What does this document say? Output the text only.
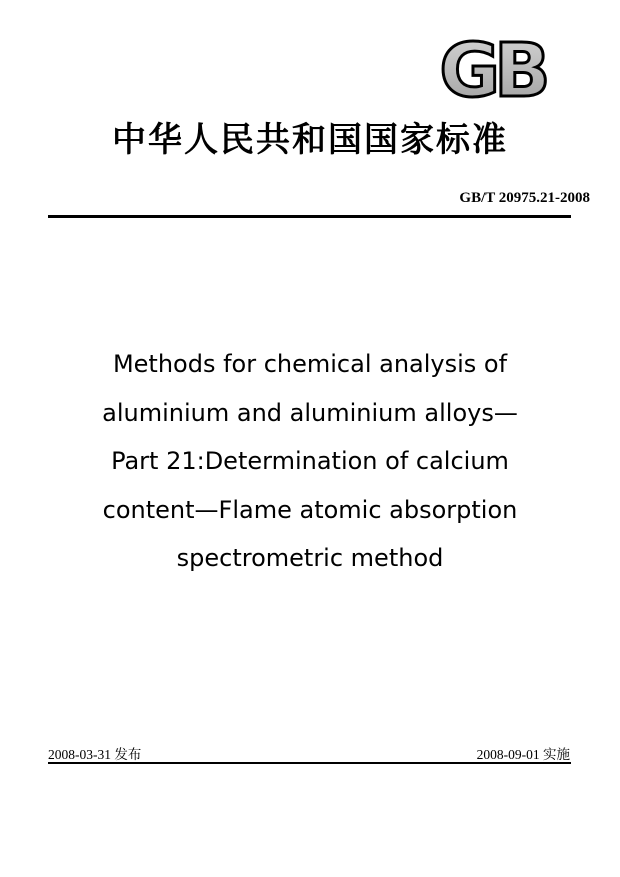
GB
中华人民共和国国家标准
GB/T 20975.21-2008
Methods for chemical analysis of
aluminium and aluminium alloys—
Part 21:Determination of calcium
content—Flame atomic absorption
spectrometric method
2008-03-31 发布	2008-09-01 实施
